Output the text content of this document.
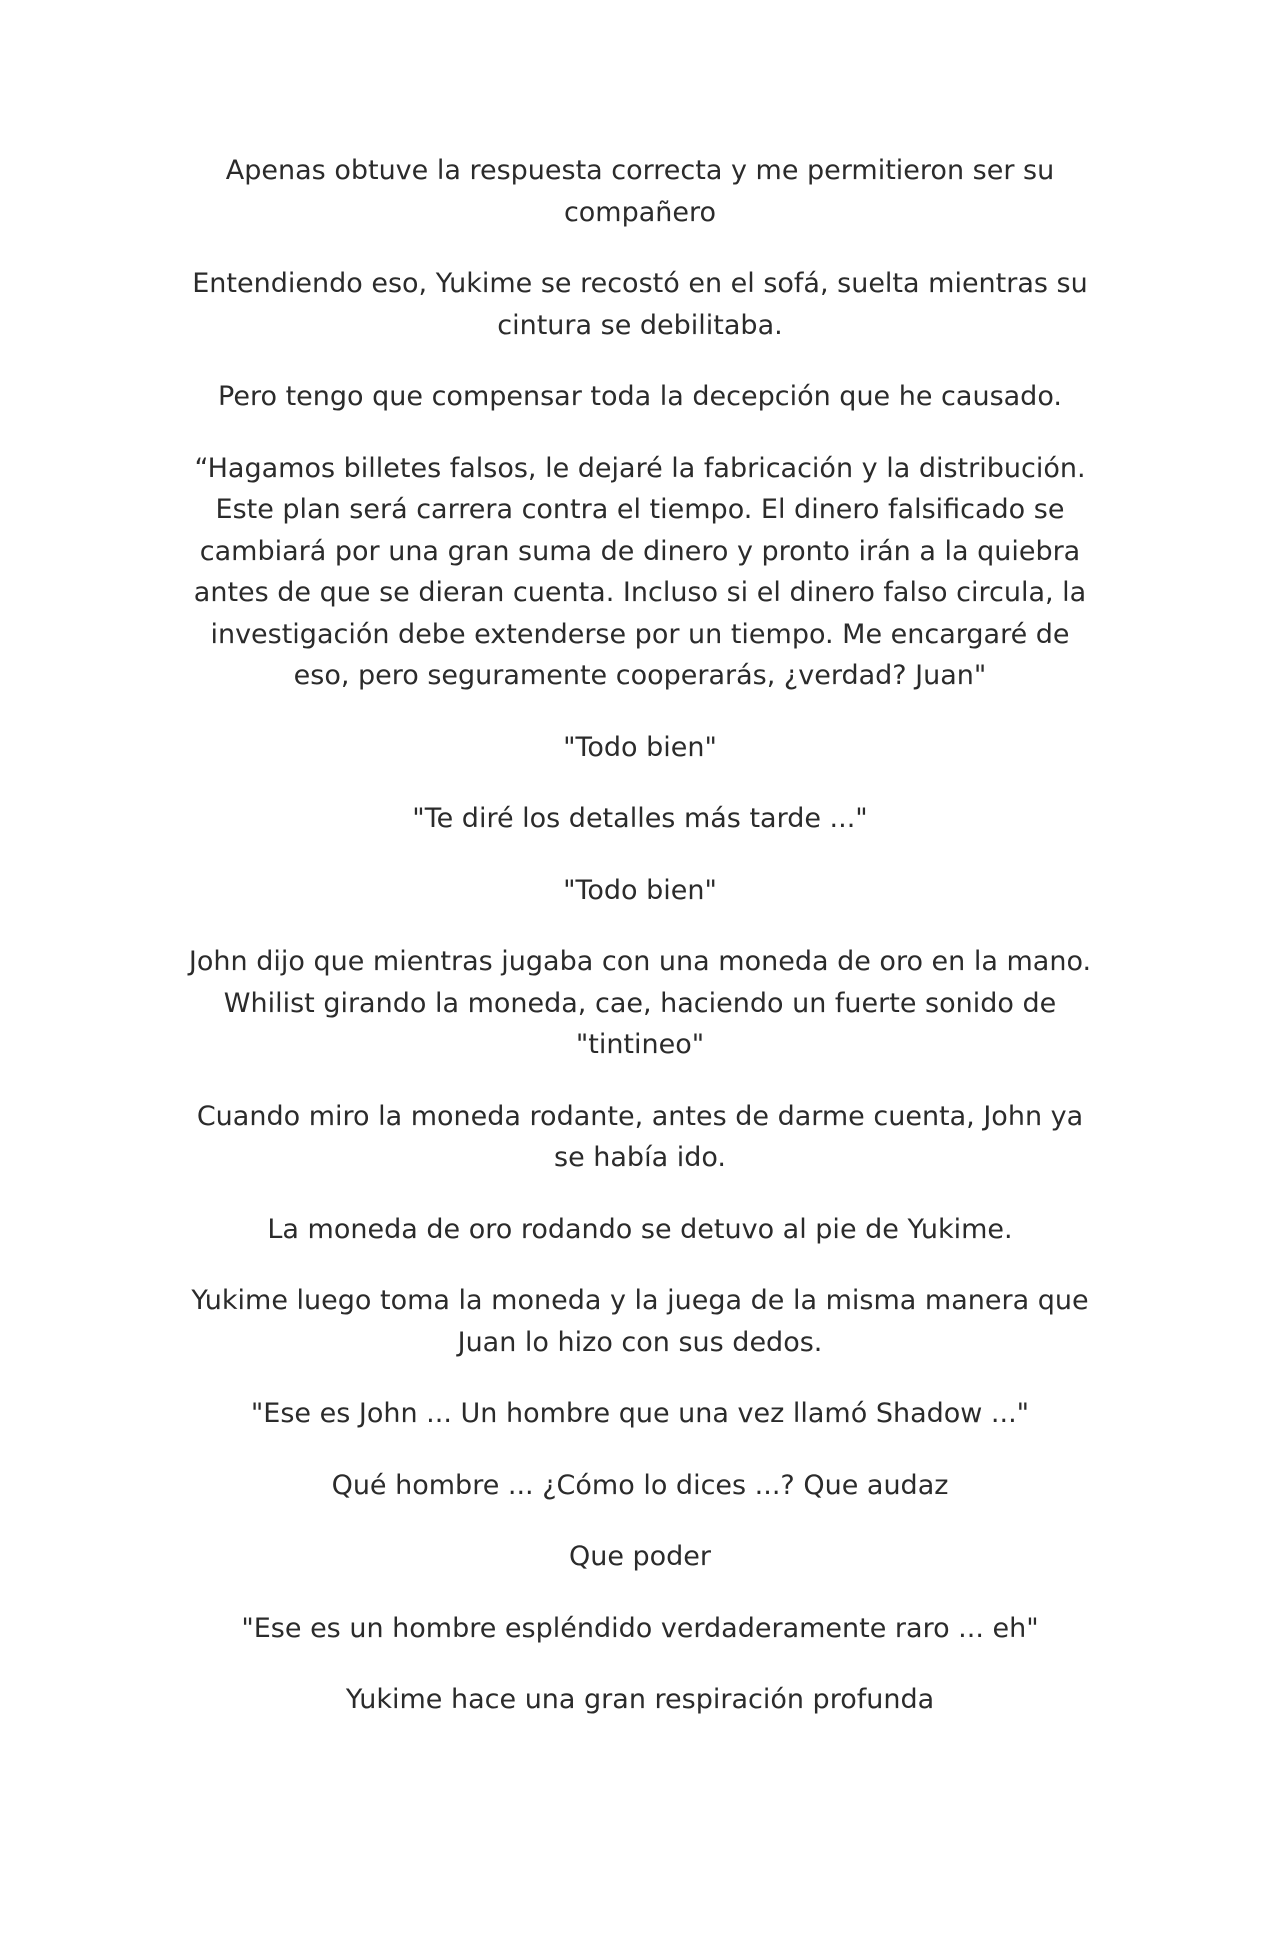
Apenas obtuve la respuesta correcta y me permitieron ser su compañero

Entendiendo eso, Yukime se recostó en el sofá, suelta mientras su cintura se debilitaba.

Pero tengo que compensar toda la decepción que he causado.

“Hagamos billetes falsos, le dejaré la fabricación y la distribución. Este plan será carrera contra el tiempo. El dinero falsificado se cambiará por una gran suma de dinero y pronto irán a la quiebra antes de que se dieran cuenta. Incluso si el dinero falso circula, la investigación debe extenderse por un tiempo. Me encargaré de eso, pero seguramente cooperarás, ¿verdad? Juan"

"Todo bien"

"Te diré los detalles más tarde ..."

"Todo bien"

John dijo que mientras jugaba con una moneda de oro en la mano. Whilist girando la moneda, cae, haciendo un fuerte sonido de "tintineo"

Cuando miro la moneda rodante, antes de darme cuenta, John ya se había ido.

La moneda de oro rodando se detuvo al pie de Yukime.

Yukime luego toma la moneda y la juega de la misma manera que Juan lo hizo con sus dedos.

"Ese es John ... Un hombre que una vez llamó Shadow ..."

Qué hombre ... ¿Cómo lo dices ...? Que audaz

Que poder

"Ese es un hombre espléndido verdaderamente raro ... eh"

Yukime hace una gran respiración profunda
